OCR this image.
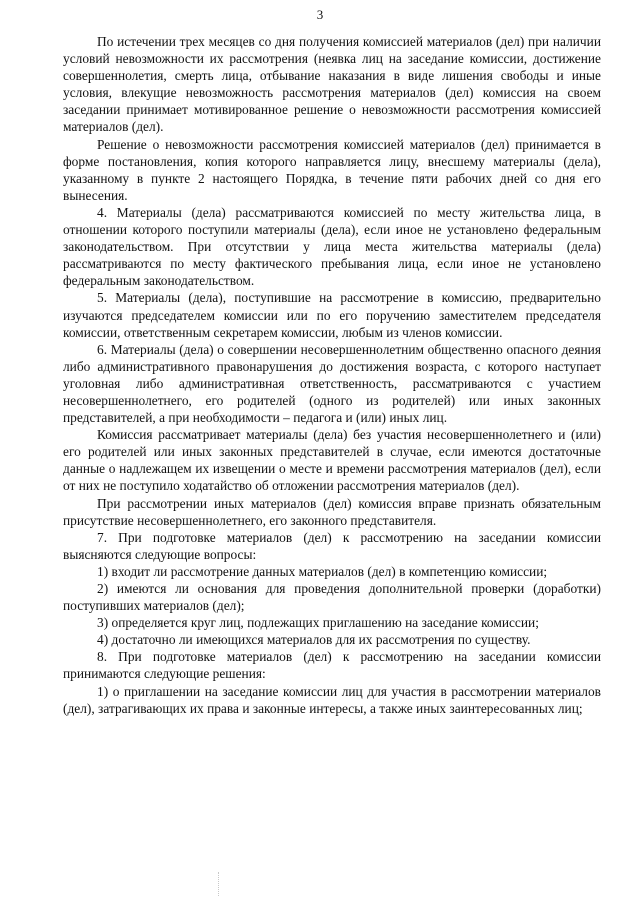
3

По истечении трех месяцев со дня получения комиссией материалов (дел) при наличии условий невозможности их рассмотрения (неявка лиц на заседание комиссии, достижение совершеннолетия, смерть лица, отбывание наказания в виде лишения свободы и иные условия, влекущие невозможность рассмотрения материалов (дел) комиссия на своем заседании принимает мотивированное решение о невозможности рассмотрения комиссией материалов (дел).

Решение о невозможности рассмотрения комиссией материалов (дел) принимается в форме постановления, копия которого направляется лицу, внесшему материалы (дела), указанному в пункте 2 настоящего Порядка, в течение пяти рабочих дней со дня его вынесения.

4. Материалы (дела) рассматриваются комиссией по месту жительства лица, в отношении которого поступили материалы (дела), если иное не установлено федеральным законодательством. При отсутствии у лица места жительства материалы (дела) рассматриваются по месту фактического пребывания лица, если иное не установлено федеральным законодательством.

5. Материалы (дела), поступившие на рассмотрение в комиссию, предварительно изучаются председателем комиссии или по его поручению заместителем председателя комиссии, ответственным секретарем комиссии, любым из членов комиссии.

6. Материалы (дела) о совершении несовершеннолетним общественно опасного деяния либо административного правонарушения до достижения возраста, с которого наступает уголовная либо административная ответственность, рассматриваются с участием несовершеннолетнего, его родителей (одного из родителей) или иных законных представителей, а при необходимости – педагога и (или) иных лиц.

Комиссия рассматривает материалы (дела) без участия несовершеннолетнего и (или) его родителей или иных законных представителей в случае, если имеются достаточные данные о надлежащем их извещении о месте и времени рассмотрения материалов (дел), если от них не поступило ходатайство об отложении рассмотрения материалов (дел).

При рассмотрении иных материалов (дел) комиссия вправе признать обязательным присутствие несовершеннолетнего, его законного представителя.

7. При подготовке материалов (дел) к рассмотрению на заседании комиссии выясняются следующие вопросы:

1) входит ли рассмотрение данных материалов (дел) в компетенцию комиссии;

2) имеются ли основания для проведения дополнительной проверки (доработки) поступивших материалов (дел);

3) определяется круг лиц, подлежащих приглашению на заседание комиссии;

4) достаточно ли имеющихся материалов для их рассмотрения по существу.

8. При подготовке материалов (дел) к рассмотрению на заседании комиссии принимаются следующие решения:

1) о приглашении на заседание комиссии лиц для участия в рассмотрении материалов (дел), затрагивающих их права и законные интересы, а также иных заинтересованных лиц;
